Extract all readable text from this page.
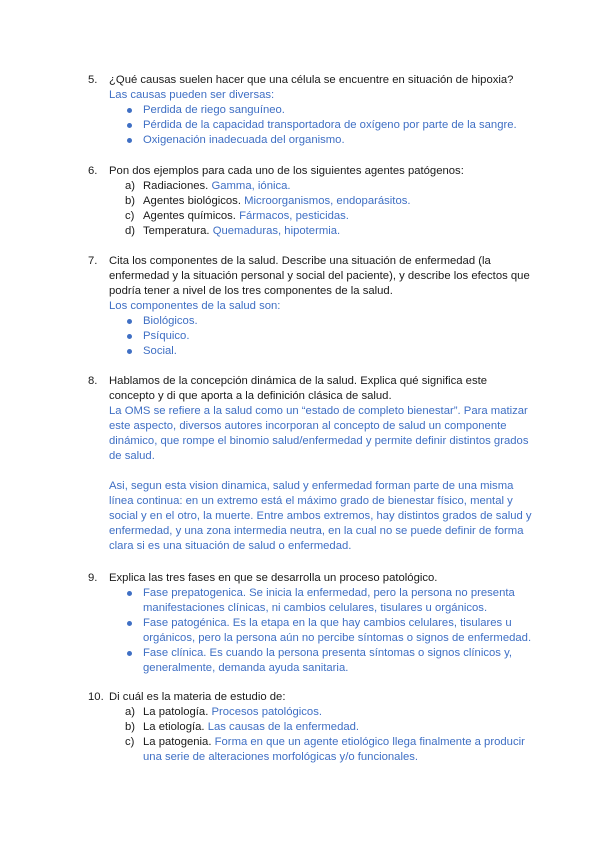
5. ¿Qué causas suelen hacer que una célula se encuentre en situación de hipoxia?
Las causas pueden ser diversas:
Perdida de riego sanguíneo.
Pérdida de la capacidad transportadora de oxígeno por parte de la sangre.
Oxigenación inadecuada del organismo.
6. Pon dos ejemplos para cada uno de los siguientes agentes patógenos:
a) Radiaciones. Gamma, iónica.
b) Agentes biológicos. Microorganismos, endoparásitos.
c) Agentes químicos. Fármacos, pesticidas.
d) Temperatura. Quemaduras, hipotermia.
7. Cita los componentes de la salud. Describe una situación de enfermedad (la
enfermedad y la situación personal y social del paciente), y describe los efectos que
podría tener a nivel de los tres componentes de la salud.
Los componentes de la salud son:
Biológicos.
Psíquico.
Social.
8. Hablamos de la concepción dinámica de la salud. Explica qué significa este
concepto y di que aporta a la definición clásica de salud.
La OMS se refiere a la salud como un “estado de completo bienestar”. Para matizar
este aspecto, diversos autores incorporan al concepto de salud un componente
dinámico, que rompe el binomio salud/enfermedad y permite definir distintos grados
de salud.
Asi, segun esta vision dinamica, salud y enfermedad forman parte de una misma
línea continua: en un extremo está el máximo grado de bienestar físico, mental y
social y en el otro, la muerte. Entre ambos extremos, hay distintos grados de salud y
enfermedad, y una zona intermedia neutra, en la cual no se puede definir de forma
clara si es una situación de salud o enfermedad.
9. Explica las tres fases en que se desarrolla un proceso patológico.
Fase prepatogenica. Se inicia la enfermedad, pero la persona no presenta
manifestaciones clínicas, ni cambios celulares, tisulares u orgánicos.
Fase patogénica. Es la etapa en la que hay cambios celulares, tisulares u
orgánicos, pero la persona aún no percibe síntomas o signos de enfermedad.
Fase clínica. Es cuando la persona presenta síntomas o signos clínicos y,
generalmente, demanda ayuda sanitaria.
10. Di cuál es la materia de estudio de:
a) La patología. Procesos patológicos.
b) La etiología. Las causas de la enfermedad.
c) La patogenia. Forma en que un agente etiológico llega finalmente a producir
una serie de alteraciones morfológicas y/o funcionales.
